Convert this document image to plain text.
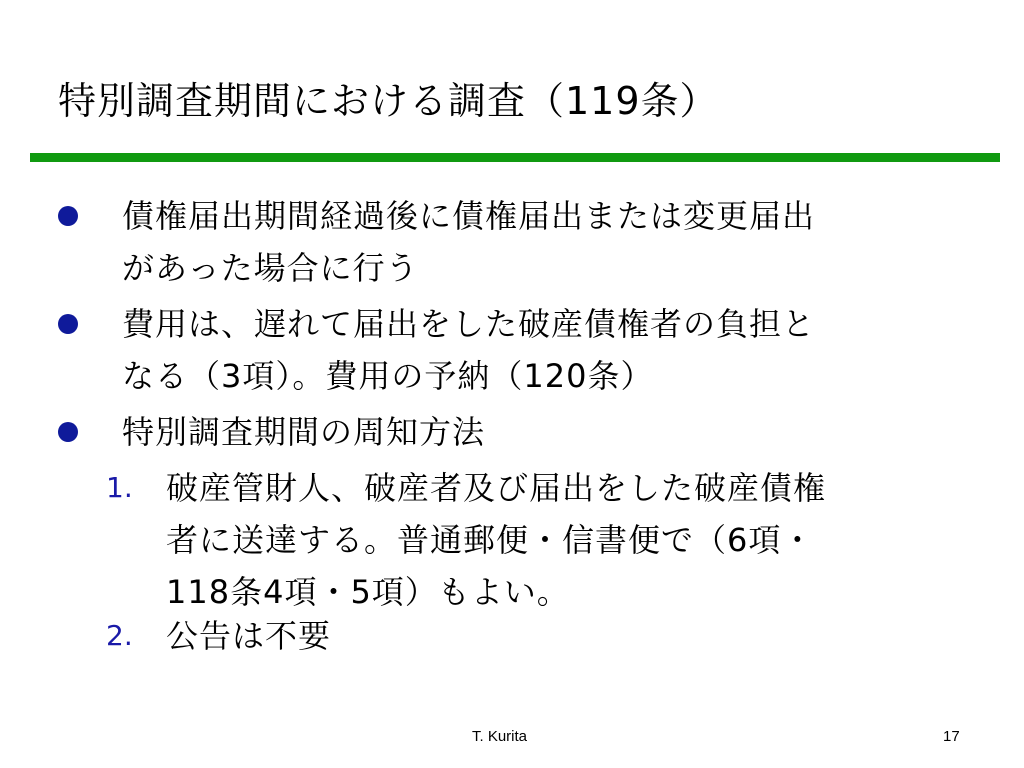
特別調査期間における調査（119条）
債権届出期間経過後に債権届出または変更届出
があった場合に行う
費用は、遅れて届出をした破産債権者の負担と
なる（3項）。費用の予納（120条）
特別調査期間の周知方法
1. 破産管財人、破産者及び届出をした破産債権
者に送達する。普通郵便・信書便で（6項・
118条4項・5項）もよい。
2. 公告は不要
T. Kurita	17
